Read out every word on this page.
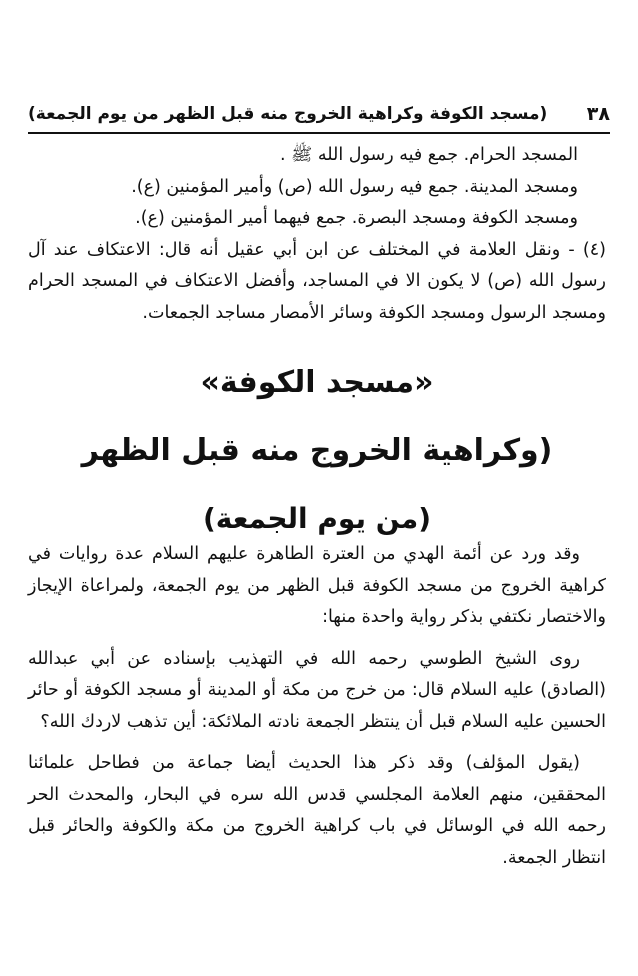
٣٨
(مسجد الكوفة وكراهية الخروج منه قبل الظهر من يوم الجمعة)

المسجد الحرام. جمع فيه رسول الله ﷺ .

ومسجد المدينة. جمع فيه رسول الله (ص) وأمير المؤمنين (ع).

ومسجد الكوفة ومسجد البصرة. جمع فيهما أمير المؤمنين (ع).

(٤) - ونقل العلامة في المختلف عن ابن أبي عقيل أنه قال: الاعتكاف عند آل رسول الله (ص) لا يكون الا في المساجد، وأفضل الاعتكاف في المسجد الحرام ومسجد الرسول ومسجد الكوفة وسائر الأمصار مساجد الجمعات.

«مسجد الكوفة»
(وكراهية الخروج منه قبل الظهر
(من يوم الجمعة)

وقد ورد عن أئمة الهدي من العترة الطاهرة عليهم السلام عدة روايات في كراهية الخروج من مسجد الكوفة قبل الظهر من يوم الجمعة، ولمراعاة الإيجاز والاختصار نكتفي بذكر رواية واحدة منها:

روى الشيخ الطوسي رحمه الله في التهذيب بإسناده عن أبي عبدالله (الصادق) عليه السلام قال: من خرج من مكة أو المدينة أو مسجد الكوفة أو حائر الحسين عليه السلام قبل أن ينتظر الجمعة نادته الملائكة: أين تذهب لاردك الله؟

(يقول المؤلف) وقد ذكر هذا الحديث أيضا جماعة من فطاحل علمائنا المحققين، منهم العلامة المجلسي قدس الله سره في البحار، والمحدث الحر رحمه الله في الوسائل في باب كراهية الخروج من مكة والكوفة والحائر قبل انتظار الجمعة.
